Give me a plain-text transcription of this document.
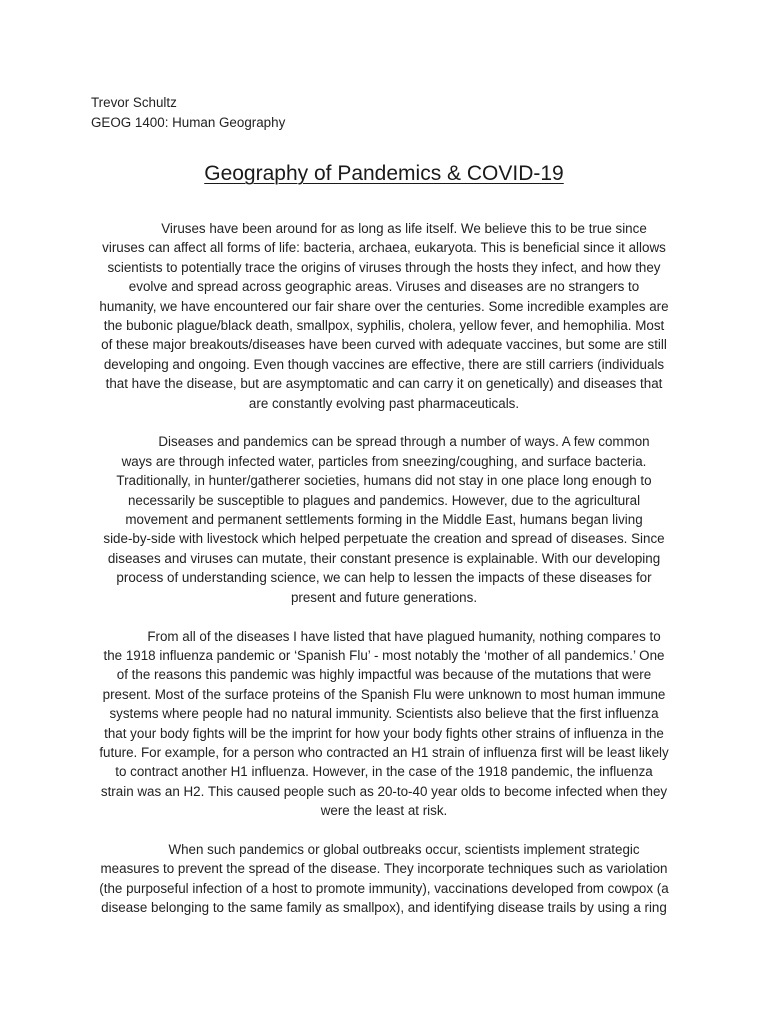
Trevor Schultz
GEOG 1400: Human Geography
Geography of Pandemics & COVID-19
Viruses have been around for as long as life itself. We believe this to be true since
viruses can affect all forms of life: bacteria, archaea, eukaryota. This is beneficial since it allows
scientists to potentially trace the origins of viruses through the hosts they infect, and how they
evolve and spread across geographic areas. Viruses and diseases are no strangers to
humanity, we have encountered our fair share over the centuries. Some incredible examples are
the bubonic plague/black death, smallpox, syphilis, cholera, yellow fever, and hemophilia. Most
of these major breakouts/diseases have been curved with adequate vaccines, but some are still
developing and ongoing. Even though vaccines are effective, there are still carriers (individuals
that have the disease, but are asymptomatic and can carry it on genetically) and diseases that
are constantly evolving past pharmaceuticals.
Diseases and pandemics can be spread through a number of ways. A few common
ways are through infected water, particles from sneezing/coughing, and surface bacteria.
Traditionally, in hunter/gatherer societies, humans did not stay in one place long enough to
necessarily be susceptible to plagues and pandemics. However, due to the agricultural
movement and permanent settlements forming in the Middle East, humans began living
side-by-side with livestock which helped perpetuate the creation and spread of diseases. Since
diseases and viruses can mutate, their constant presence is explainable. With our developing
process of understanding science, we can help to lessen the impacts of these diseases for
present and future generations.
From all of the diseases I have listed that have plagued humanity, nothing compares to
the 1918 influenza pandemic or ‘Spanish Flu’ - most notably the ‘mother of all pandemics.’ One
of the reasons this pandemic was highly impactful was because of the mutations that were
present. Most of the surface proteins of the Spanish Flu were unknown to most human immune
systems where people had no natural immunity. Scientists also believe that the first influenza
that your body fights will be the imprint for how your body fights other strains of influenza in the
future. For example, for a person who contracted an H1 strain of influenza first will be least likely
to contract another H1 influenza. However, in the case of the 1918 pandemic, the influenza
strain was an H2. This caused people such as 20-to-40 year olds to become infected when they
were the least at risk.
When such pandemics or global outbreaks occur, scientists implement strategic
measures to prevent the spread of the disease. They incorporate techniques such as variolation
(the purposeful infection of a host to promote immunity), vaccinations developed from cowpox (a
disease belonging to the same family as smallpox), and identifying disease trails by using a ring
